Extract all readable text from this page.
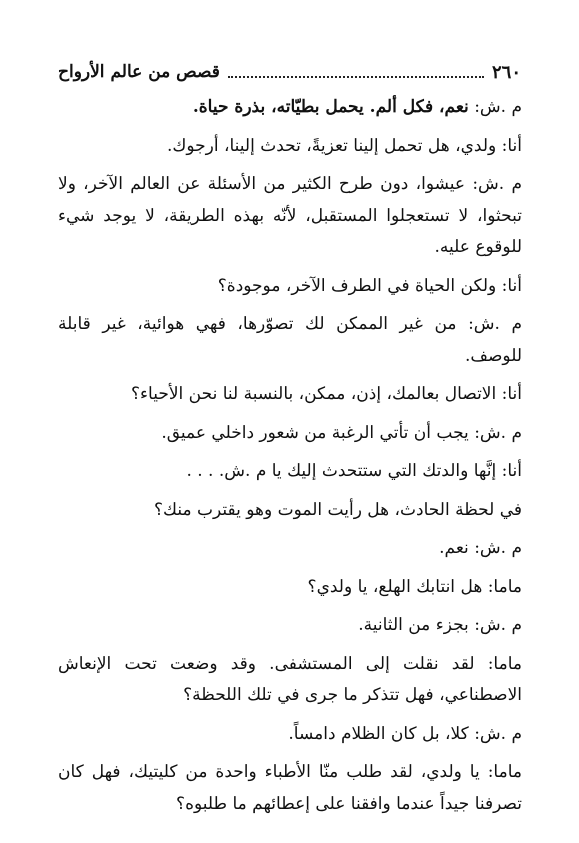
٢٦٠
قصص من عالم الأرواح

م .ش: نعم، فكل ألم. يحمل بطيّاته، بذرة حياة.

أنا: ولدي، هل تحمل إلينا تعزيةً، تحدث إلينا، أرجوك.

م .ش: عيشوا، دون طرح الكثير من الأسئلة عن العالم الآخر، ولا تبحثوا، لا تستعجلوا المستقبل، لأنّه بهذه الطريقة، لا يوجد شيء للوقوع عليه.

أنا: ولكن الحياة في الطرف الآخر، موجودة؟

م .ش: من غير الممكن لك تصوّرها، فهي هوائية، غير قابلة للوصف.

أنا: الاتصال بعالمك، إذن، ممكن، بالنسبة لنا نحن الأحياء؟

م .ش: يجب أن تأتي الرغبة من شعور داخلي عميق.

أنا: إنَّها والدتك التي ستتحدث إليك يا م .ش. . . .

في لحظة الحادث، هل رأيت الموت وهو يقترب منك؟

م .ش: نعم.

ماما: هل انتابك الهلع، يا ولدي؟

م .ش: بجزء من الثانية.

ماما: لقد نقلت إلى المستشفى. وقد وضعت تحت الإنعاش الاصطناعي، فهل تتذكر ما جرى في تلك اللحظة؟

م .ش: كلا، بل كان الظلام دامساً.

ماما: يا ولدي، لقد طلب منّا الأطباء واحدة من كليتيك، فهل كان تصرفنا جيداً عندما وافقنا على إعطائهم ما طلبوه؟
